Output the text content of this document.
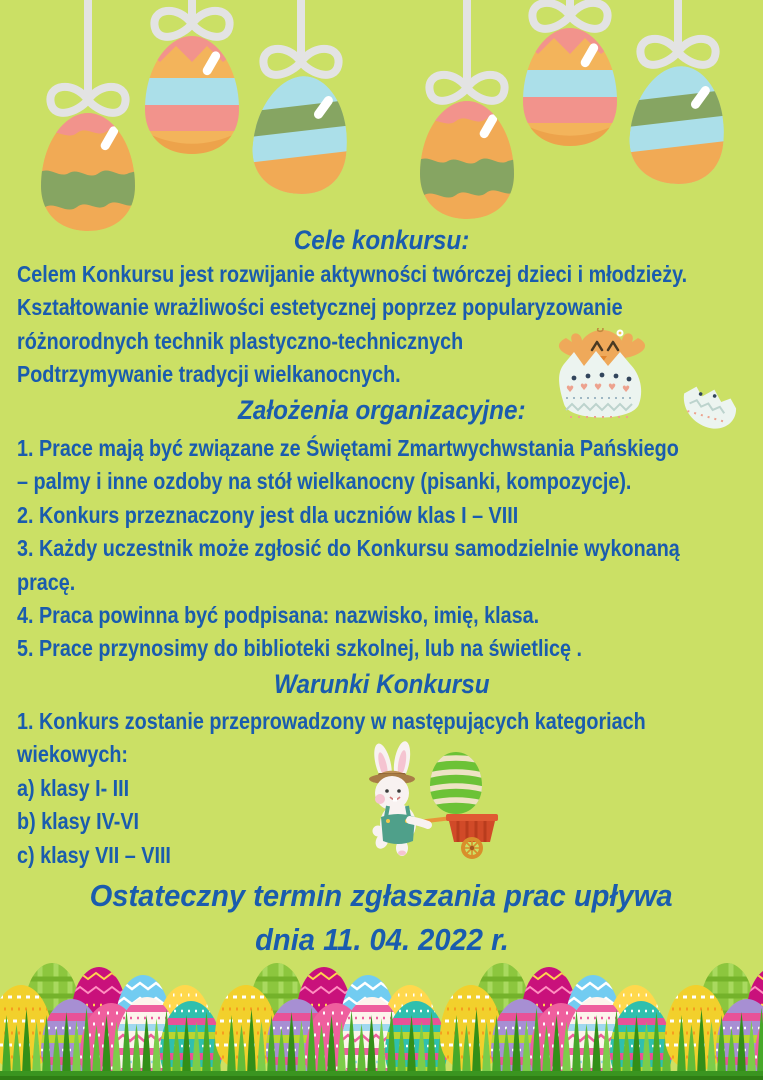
Cele konkursu:
Celem Konkursu jest rozwijanie aktywności twórczej dzieci i młodzieży.
Kształtowanie wrażliwości estetycznej poprzez popularyzowanie
różnorodnych technik plastyczno-technicznych
Podtrzymywanie tradycji wielkanocnych.
Założenia organizacyjne:
1. Prace mają być związane ze Świętami Zmartwychwstania Pańskiego
– palmy i inne ozdoby na stół wielkanocny (pisanki, kompozycje).
2. Konkurs przeznaczony jest dla uczniów klas I – VIII
3. Każdy uczestnik może zgłosić do Konkursu samodzielnie wykonaną
pracę.
4. Praca powinna być podpisana: nazwisko, imię, klasa.
5. Prace przynosimy do biblioteki szkolnej, lub na świetlicę .
Warunki Konkursu
1. Konkurs zostanie przeprowadzony w następujących kategoriach
wiekowych:
a) klasy I- III
b) klasy IV-VI
c) klasy VII – VIII
Ostateczny termin zgłaszania prac upływa
dnia 11. 04. 2022 r.
♥ ♥ ♥ ♥ ♥
